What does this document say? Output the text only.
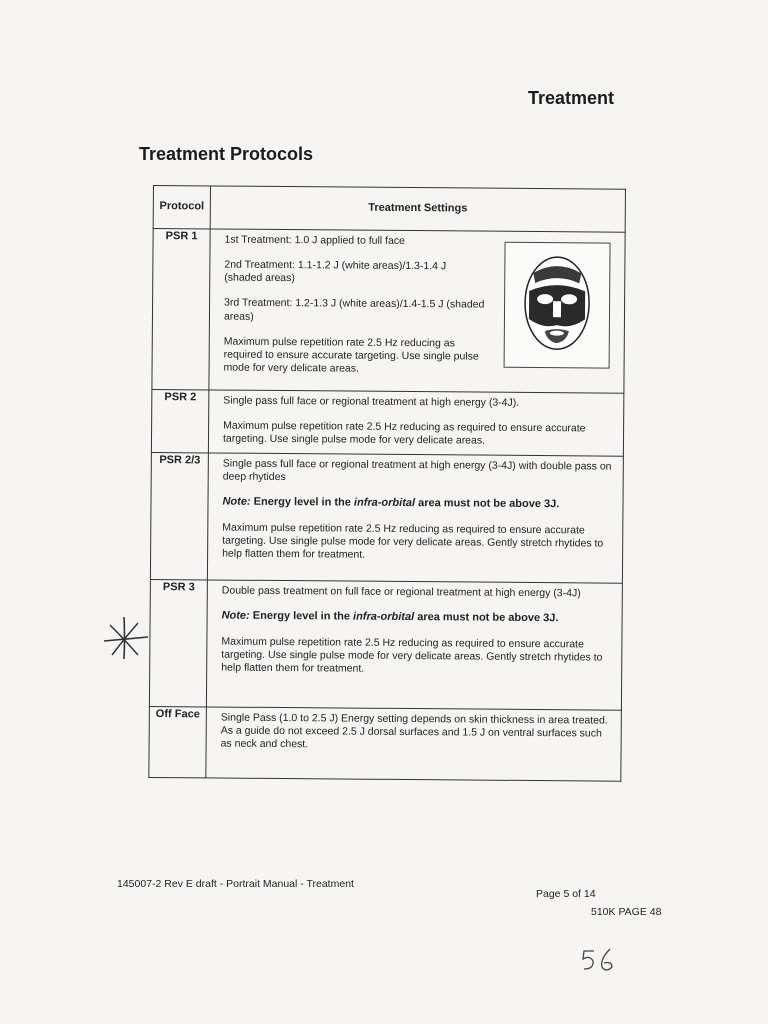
Treatment
Treatment Protocols
Protocol	Treatment Settings
PSR 1	1st Treatment: 1.0 J applied to full face

2nd Treatment: 1.1-1.2 J (white areas)/1.3-1.4 J (shaded areas)

3rd Treatment: 1.2-1.3 J (white areas)/1.4-1.5 J (shaded areas)

Maximum pulse repetition rate 2.5 Hz reducing as required to ensure accurate targeting. Use single pulse mode for very delicate areas.

PSR 2	Single pass full face or regional treatment at high energy (3-4J).

Maximum pulse repetition rate 2.5 Hz reducing as required to ensure accurate targeting. Use single pulse mode for very delicate areas.

PSR 2/3	Single pass full face or regional treatment at high energy (3-4J) with double pass on deep rhytides

Note: Energy level in the infra-orbital area must not be above 3J.

Maximum pulse repetition rate 2.5 Hz reducing as required to ensure accurate targeting. Use single pulse mode for very delicate areas. Gently stretch rhytides to help flatten them for treatment.

PSR 3	Double pass treatment on full face or regional treatment at high energy (3-4J)

Note: Energy level in the infra-orbital area must not be above 3J.

Maximum pulse repetition rate 2.5 Hz reducing as required to ensure accurate targeting. Use single pulse mode for very delicate areas. Gently stretch rhytides to help flatten them for treatment.

Off Face	Single Pass (1.0 to 2.5 J) Energy setting depends on skin thickness in area treated. As a guide do not exceed 2.5 J dorsal surfaces and 1.5 J on ventral surfaces such as neck and chest.

145007-2 Rev E draft - Portrait Manual - Treatment
Page 5 of 14
510K PAGE 48
